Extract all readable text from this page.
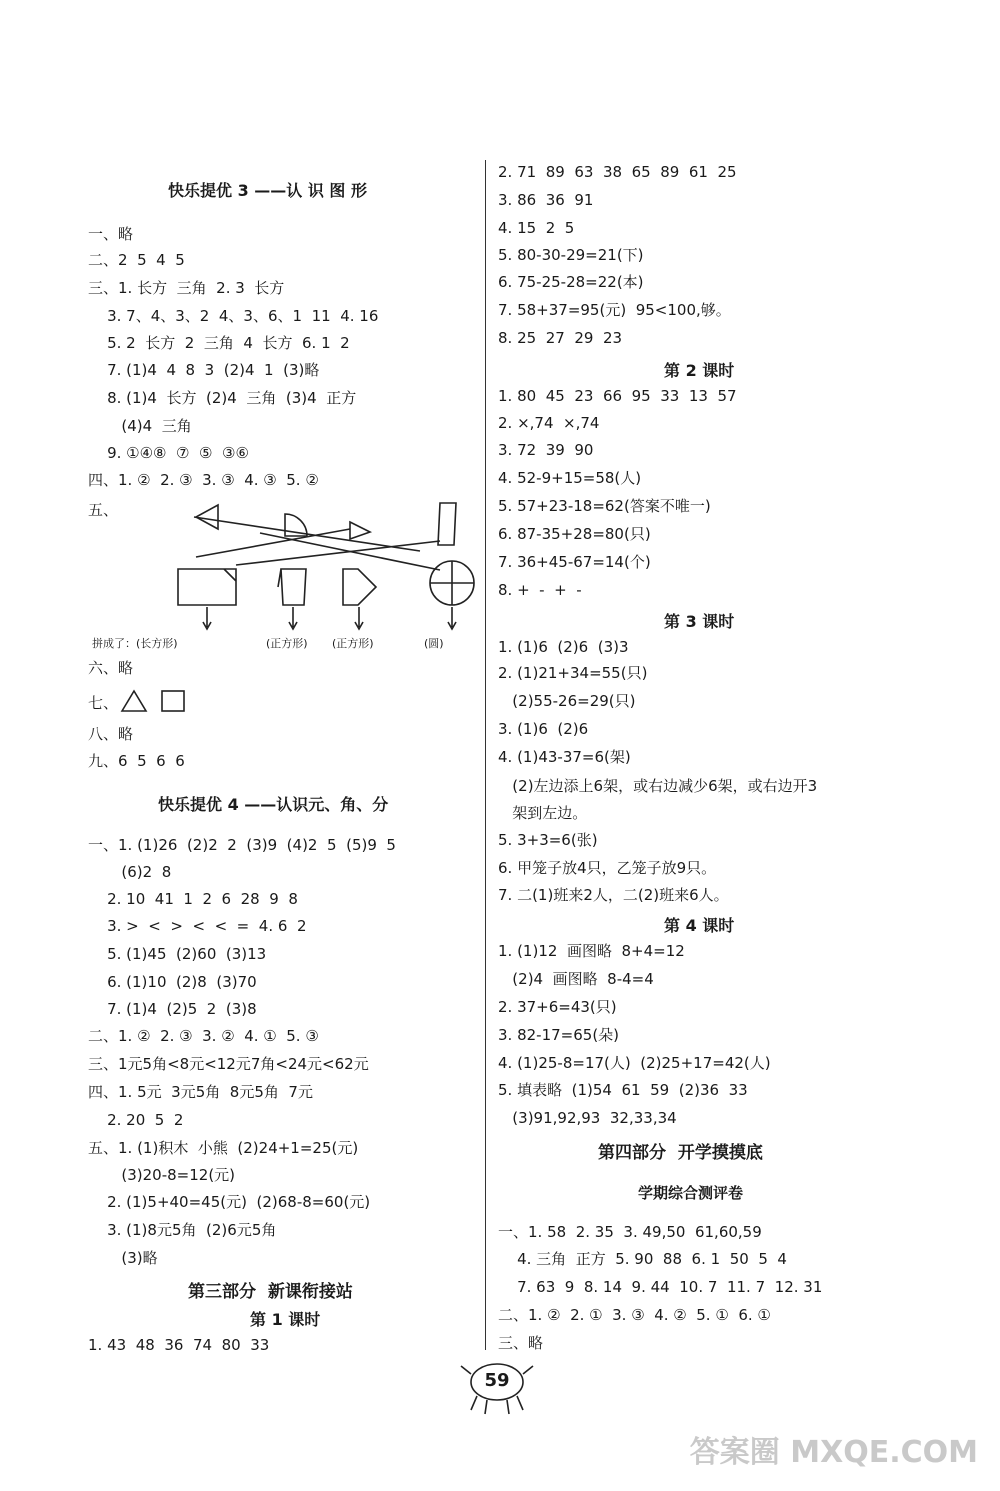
快乐提优 3 ——认 识 图 形
一、略
二、2  5  4  5
三、1. 长方  三角  2. 3  长方
3. 7、4、3、2  4、3、6、1  11  4. 16
5. 2  长方  2  三角  4  长方  6. 1  2
7. (1)4  4  8  3  (2)4  1  (3)略
8. (1)4  长方  (2)4  三角  (3)4  正方
(4)4  三角
9. ①④⑧  ⑦  ⑤  ③⑥
四、1. ②  2. ③  3. ③  4. ③  5. ②
五、
拼成了：(长方形)	(正方形) (正方形)	(圆)
六、略
七、
八、略
九、6  5  6  6
快乐提优 4 ——认识元、角、分
一、1. (1)26  (2)2  2  (3)9  (4)2  5  (5)9  5
(6)2  8
2. 10  41  1  2  6  28  9  8
3. >  <  >  <  <  =  4. 6  2
5. (1)45  (2)60  (3)13
6. (1)10  (2)8  (3)70
7. (1)4  (2)5  2  (3)8
二、1. ②  2. ③  3. ②  4. ①  5. ③
三、1元5角<8元<12元7角<24元<62元
四、1. 5元  3元5角  8元5角  7元
2. 20  5  2
五、1. (1)积木  小熊  (2)24+1=25(元)
(3)20-8=12(元)
2. (1)5+40=45(元)  (2)68-8=60(元)
3. (1)8元5角  (2)6元5角
(3)略
第三部分  新课衔接站
第 1 课时
1. 43  48  36  74  80  33
2. 71  89  63  38  65  89  61  25
3. 86  36  91
4. 15  2  5
5. 80-30-29=21(下)
6. 75-25-28=22(本)
7. 58+37=95(元)  95<100,够。
8. 25  27  29  23
第 2 课时
1. 80  45  23  66  95  33  13  57
2. ×,74  ×,74
3. 72  39  90
4. 52-9+15=58(人)
5. 57+23-18=62(答案不唯一)
6. 87-35+28=80(只)
7. 36+45-67=14(个)
8. +  -  +  -
第 3 课时
1. (1)6  (2)6  (3)3
2. (1)21+34=55(只)
(2)55-26=29(只)
3. (1)6  (2)6
4. (1)43-37=6(架)
(2)左边添上6架，或右边减少6架，或右边开3
架到左边。
5. 3+3=6(张)
6. 甲笼子放4只，乙笼子放9只。
7. 二(1)班来2人，二(2)班来6人。
第 4 课时
1. (1)12  画图略  8+4=12
(2)4  画图略  8-4=4
2. 37+6=43(只)
3. 82-17=65(朵)
4. (1)25-8=17(人)  (2)25+17=42(人)
5. 填表略  (1)54  61  59  (2)36  33
(3)91,92,93  32,33,34
第四部分  开学摸摸底
学期综合测评卷
一、1. 58  2. 35  3. 49,50  61,60,59
4. 三角  正方  5. 90  88  6. 1  50  5  4
7. 63  9  8. 14  9. 44  10. 7  11. 7  12. 31
二、1. ②  2. ①  3. ③  4. ②  5. ①  6. ①
三、略
59
答案圈 MXQE.COM
